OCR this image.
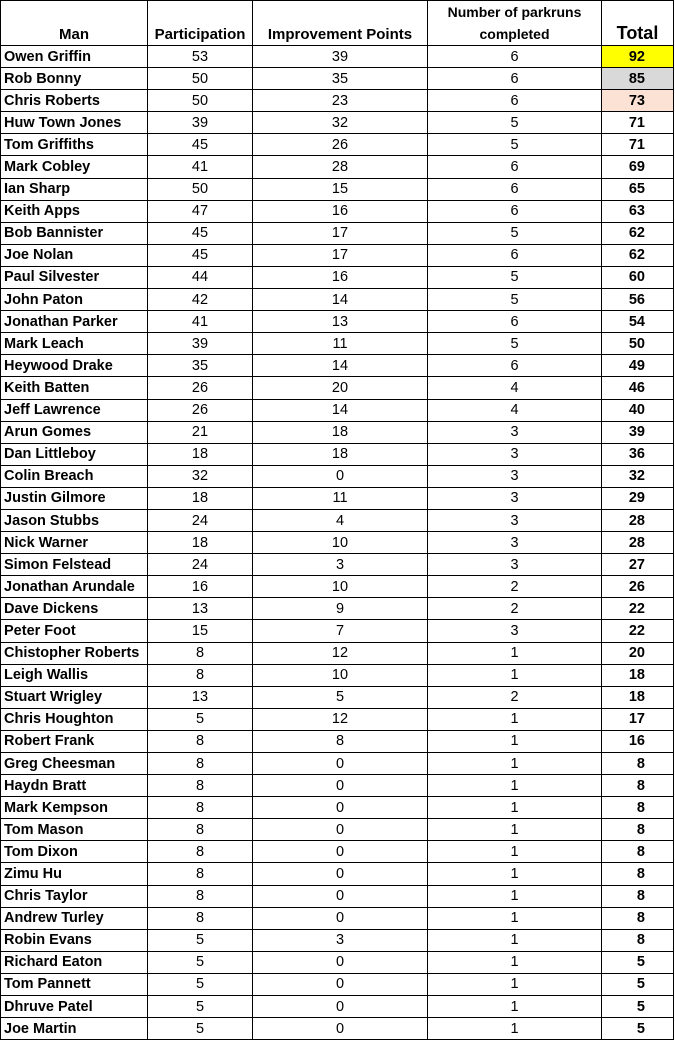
Man	Participation	Improvement Points	Number of parkruns completed	Total
Owen Griffin	53	39	6	92
Rob Bonny	50	35	6	85
Chris Roberts	50	23	6	73
Huw Town Jones	39	32	5	71
Tom Griffiths	45	26	5	71
Mark Cobley	41	28	6	69
Ian Sharp	50	15	6	65
Keith Apps	47	16	6	63
Bob Bannister	45	17	5	62
Joe Nolan	45	17	6	62
Paul Silvester	44	16	5	60
John Paton	42	14	5	56
Jonathan Parker	41	13	6	54
Mark Leach	39	11	5	50
Heywood Drake	35	14	6	49
Keith Batten	26	20	4	46
Jeff Lawrence	26	14	4	40
Arun Gomes	21	18	3	39
Dan Littleboy	18	18	3	36
Colin Breach	32	0	3	32
Justin Gilmore	18	11	3	29
Jason Stubbs	24	4	3	28
Nick Warner	18	10	3	28
Simon Felstead	24	3	3	27
Jonathan Arundale	16	10	2	26
Dave Dickens	13	9	2	22
Peter Foot	15	7	3	22
Chistopher Roberts	8	12	1	20
Leigh Wallis	8	10	1	18
Stuart Wrigley	13	5	2	18
Chris Houghton	5	12	1	17
Robert Frank	8	8	1	16
Greg Cheesman	8	0	1	8
Haydn Bratt	8	0	1	8
Mark Kempson	8	0	1	8
Tom Mason	8	0	1	8
Tom Dixon	8	0	1	8
Zimu Hu	8	0	1	8
Chris Taylor	8	0	1	8
Andrew Turley	8	0	1	8
Robin Evans	5	3	1	8
Richard Eaton	5	0	1	5
Tom Pannett	5	0	1	5
Dhruve Patel	5	0	1	5
Joe Martin	5	0	1	5
